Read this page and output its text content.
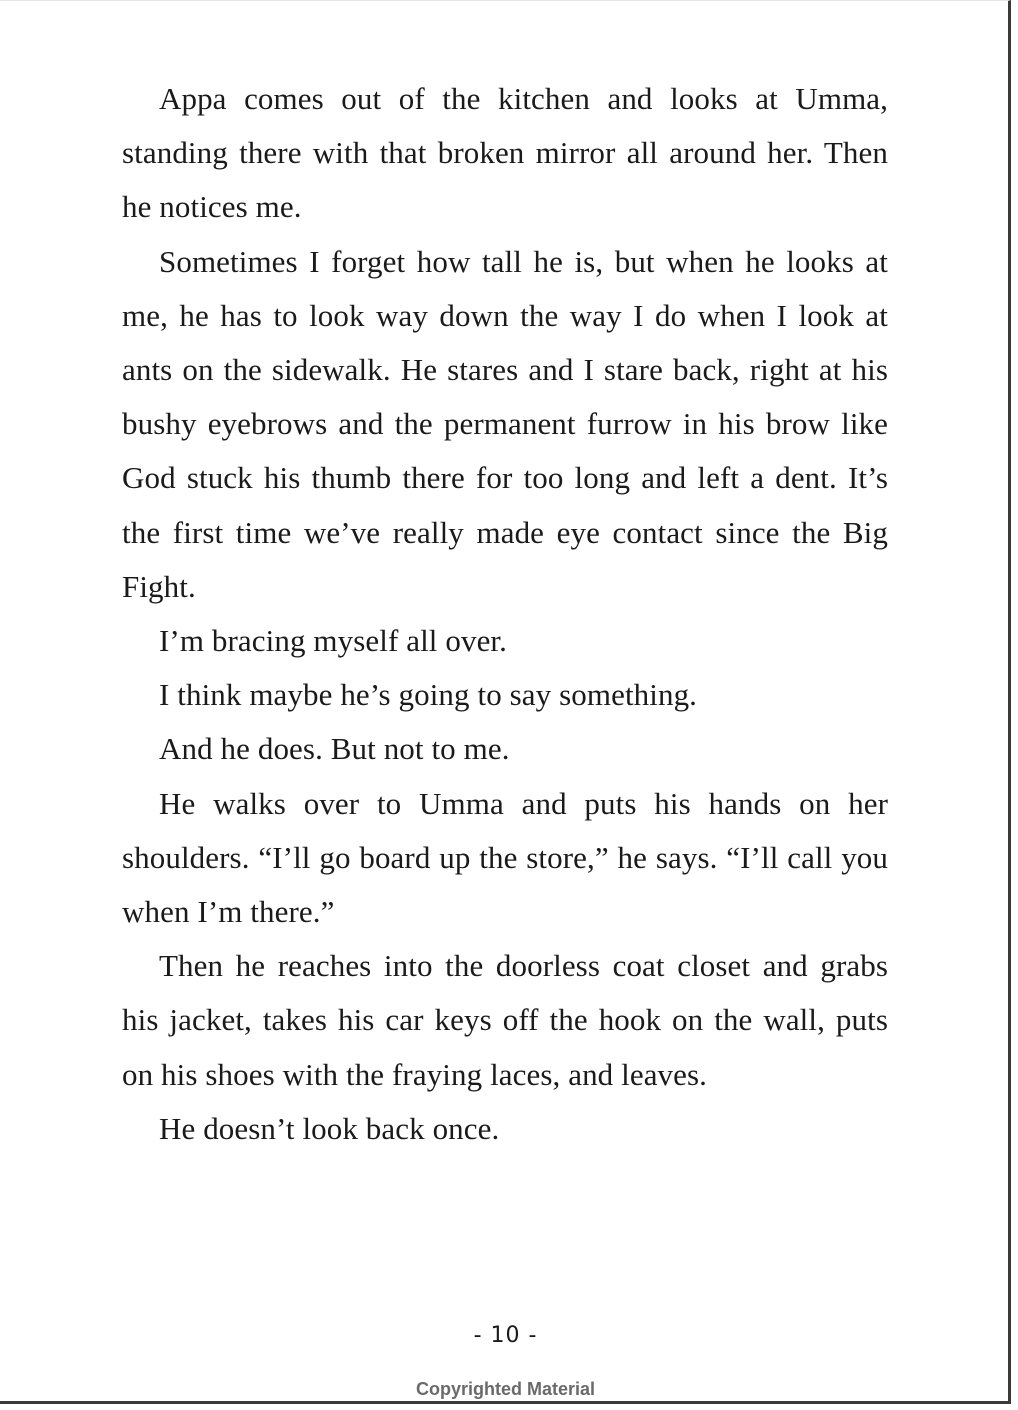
Appa comes out of the kitchen and looks at Umma, standing there with that broken mirror all around her. Then he notices me.

Sometimes I forget how tall he is, but when he looks at me, he has to look way down the way I do when I look at ants on the sidewalk. He stares and I stare back, right at his bushy eyebrows and the permanent furrow in his brow like God stuck his thumb there for too long and left a dent. It’s the first time we’ve really made eye contact since the Big Fight.

I’m bracing myself all over.

I think maybe he’s going to say something.

And he does. But not to me.

He walks over to Umma and puts his hands on her shoulders. “I’ll go board up the store,” he says. “I’ll call you when I’m there.”

Then he reaches into the doorless coat closet and grabs his jacket, takes his car keys off the hook on the wall, puts on his shoes with the fraying laces, and leaves.

He doesn’t look back once.

- 10 -
Copyrighted Material
